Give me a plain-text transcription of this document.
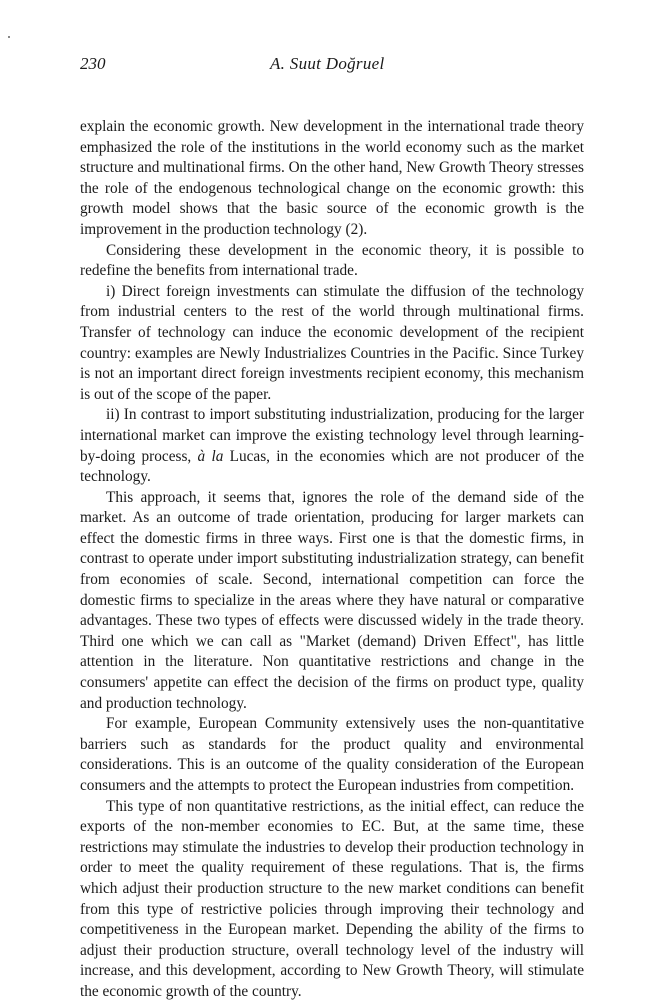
230	A. Suut Doğruel

explain the economic growth. New development in the international trade theory emphasized the role of the institutions in the world economy such as the market structure and multinational firms. On the other hand, New Growth Theory stresses the role of the endogenous technological change on the economic growth: this growth model shows that the basic source of the economic growth is the improvement in the production technology (2).

Considering these development in the economic theory, it is possible to redefine the benefits from international trade.

i) Direct foreign investments can stimulate the diffusion of the technology from industrial centers to the rest of the world through multinational firms. Transfer of technology can induce the economic development of the recipient country: examples are Newly Industrializes Countries in the Pacific. Since Turkey is not an important direct foreign investments recipient economy, this mechanism is out of the scope of the paper.

ii) In contrast to import substituting industrialization, producing for the larger international market can improve the existing technology level through learning-by-doing process, à la Lucas, in the economies which are not producer of the technology.

This approach, it seems that, ignores the role of the demand side of the market. As an outcome of trade orientation, producing for larger markets can effect the domestic firms in three ways. First one is that the domestic firms, in contrast to operate under import substituting industrialization strategy, can benefit from economies of scale. Second, international competition can force the domestic firms to specialize in the areas where they have natural or comparative advantages. These two types of effects were discussed widely in the trade theory. Third one which we can call as "Market (demand) Driven Effect", has little attention in the literature. Non quantitative restrictions and change in the consumers' appetite can effect the decision of the firms on product type, quality and production technology.

For example, European Community extensively uses the non-quantitative barriers such as standards for the product quality and environmental considerations. This is an outcome of the quality consideration of the European consumers and the attempts to protect the European industries from competition.

This type of non quantitative restrictions, as the initial effect, can reduce the exports of the non-member economies to EC. But, at the same time, these restrictions may stimulate the industries to develop their production technology in order to meet the quality requirement of these regulations. That is, the firms which adjust their production structure to the new market conditions can benefit from this type of restrictive policies through improving their technology and competitiveness in the European market. Depending the ability of the firms to adjust their production structure, overall technology level of the industry will increase, and this development, according to New Growth Theory, will stimulate the economic growth of the country.
